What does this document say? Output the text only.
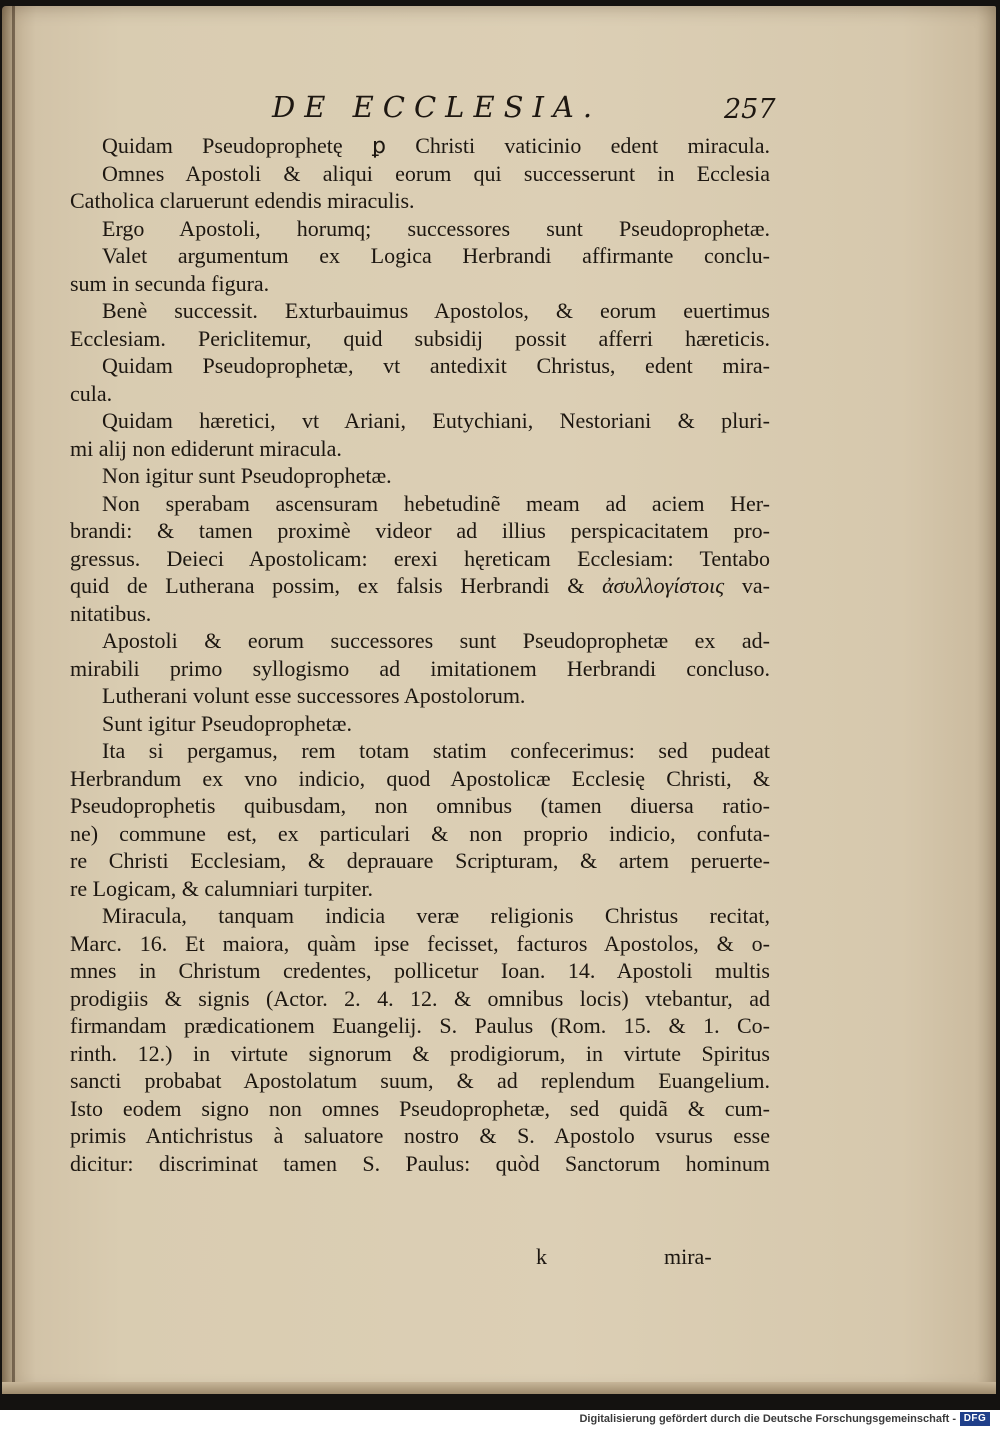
DE ECCLESIA.	257
Quidam Pseudoprophetę ꝑ Christi vaticinio edent miracula.
Omnes Apostoli & aliqui eorum qui successerunt in Ecclesia
Catholica claruerunt edendis miraculis.
Ergo Apostoli, horumq; successores sunt Pseudoprophetæ.
Valet argumentum ex Logica Herbrandi affirmante conclu-
sum in secunda figura.
Benè successit. Exturbauimus Apostolos, & eorum euertimus
Ecclesiam. Periclitemur, quid subsidij possit afferri hæreticis.
Quidam Pseudoprophetæ, vt antedixit Christus, edent mira-
cula.
Quidam hæretici, vt Ariani, Eutychiani, Nestoriani & pluri-
mi alij non ediderunt miracula.
Non igitur sunt Pseudoprophetæ.
Non sperabam ascensuram hebetudinẽ meam ad aciem Her-
brandi: & tamen proximè videor ad illius perspicacitatem pro-
gressus. Deieci Apostolicam: erexi hęreticam Ecclesiam: Tentabo
quid de Lutherana possim, ex falsis Herbrandi & ἀσυλλογίστοις va-
nitatibus.
Apostoli & eorum successores sunt Pseudoprophetæ ex ad-
mirabili primo syllogismo ad imitationem Herbrandi concluso.
Lutherani volunt esse successores Apostolorum.
Sunt igitur Pseudoprophetæ.
Ita si pergamus, rem totam statim confecerimus: sed pudeat
Herbrandum ex vno indicio, quod Apostolicæ Ecclesię Christi, &
Pseudoprophetis quibusdam, non omnibus (tamen diuersa ratio-
ne) commune est, ex particulari & non proprio indicio, confuta-
re Christi Ecclesiam, & deprauare Scripturam, & artem peruerte-
re Logicam, & calumniari turpiter.
Miracula, tanquam indicia veræ religionis Christus recitat,
Marc. 16. Et maiora, quàm ipse fecisset, facturos Apostolos, & o-
mnes in Christum credentes, pollicetur Ioan. 14. Apostoli multis
prodigiis & signis (Actor. 2. 4. 12. & omnibus locis) vtebantur, ad
firmandam prædicationem Euangelij. S. Paulus (Rom. 15. & 1. Co-
rinth. 12.) in virtute signorum & prodigiorum, in virtute Spiritus
sancti probabat Apostolatum suum, & ad replendum Euangelium.
Isto eodem signo non omnes Pseudoprophetæ, sed quidã & cum-
primis Antichristus à saluatore nostro & S. Apostolo vsurus esse
dicitur: discriminat tamen S. Paulus: quòd Sanctorum hominum
k	mira-
Digitalisierung gefördert durch die Deutsche Forschungsgemeinschaft - DFG
